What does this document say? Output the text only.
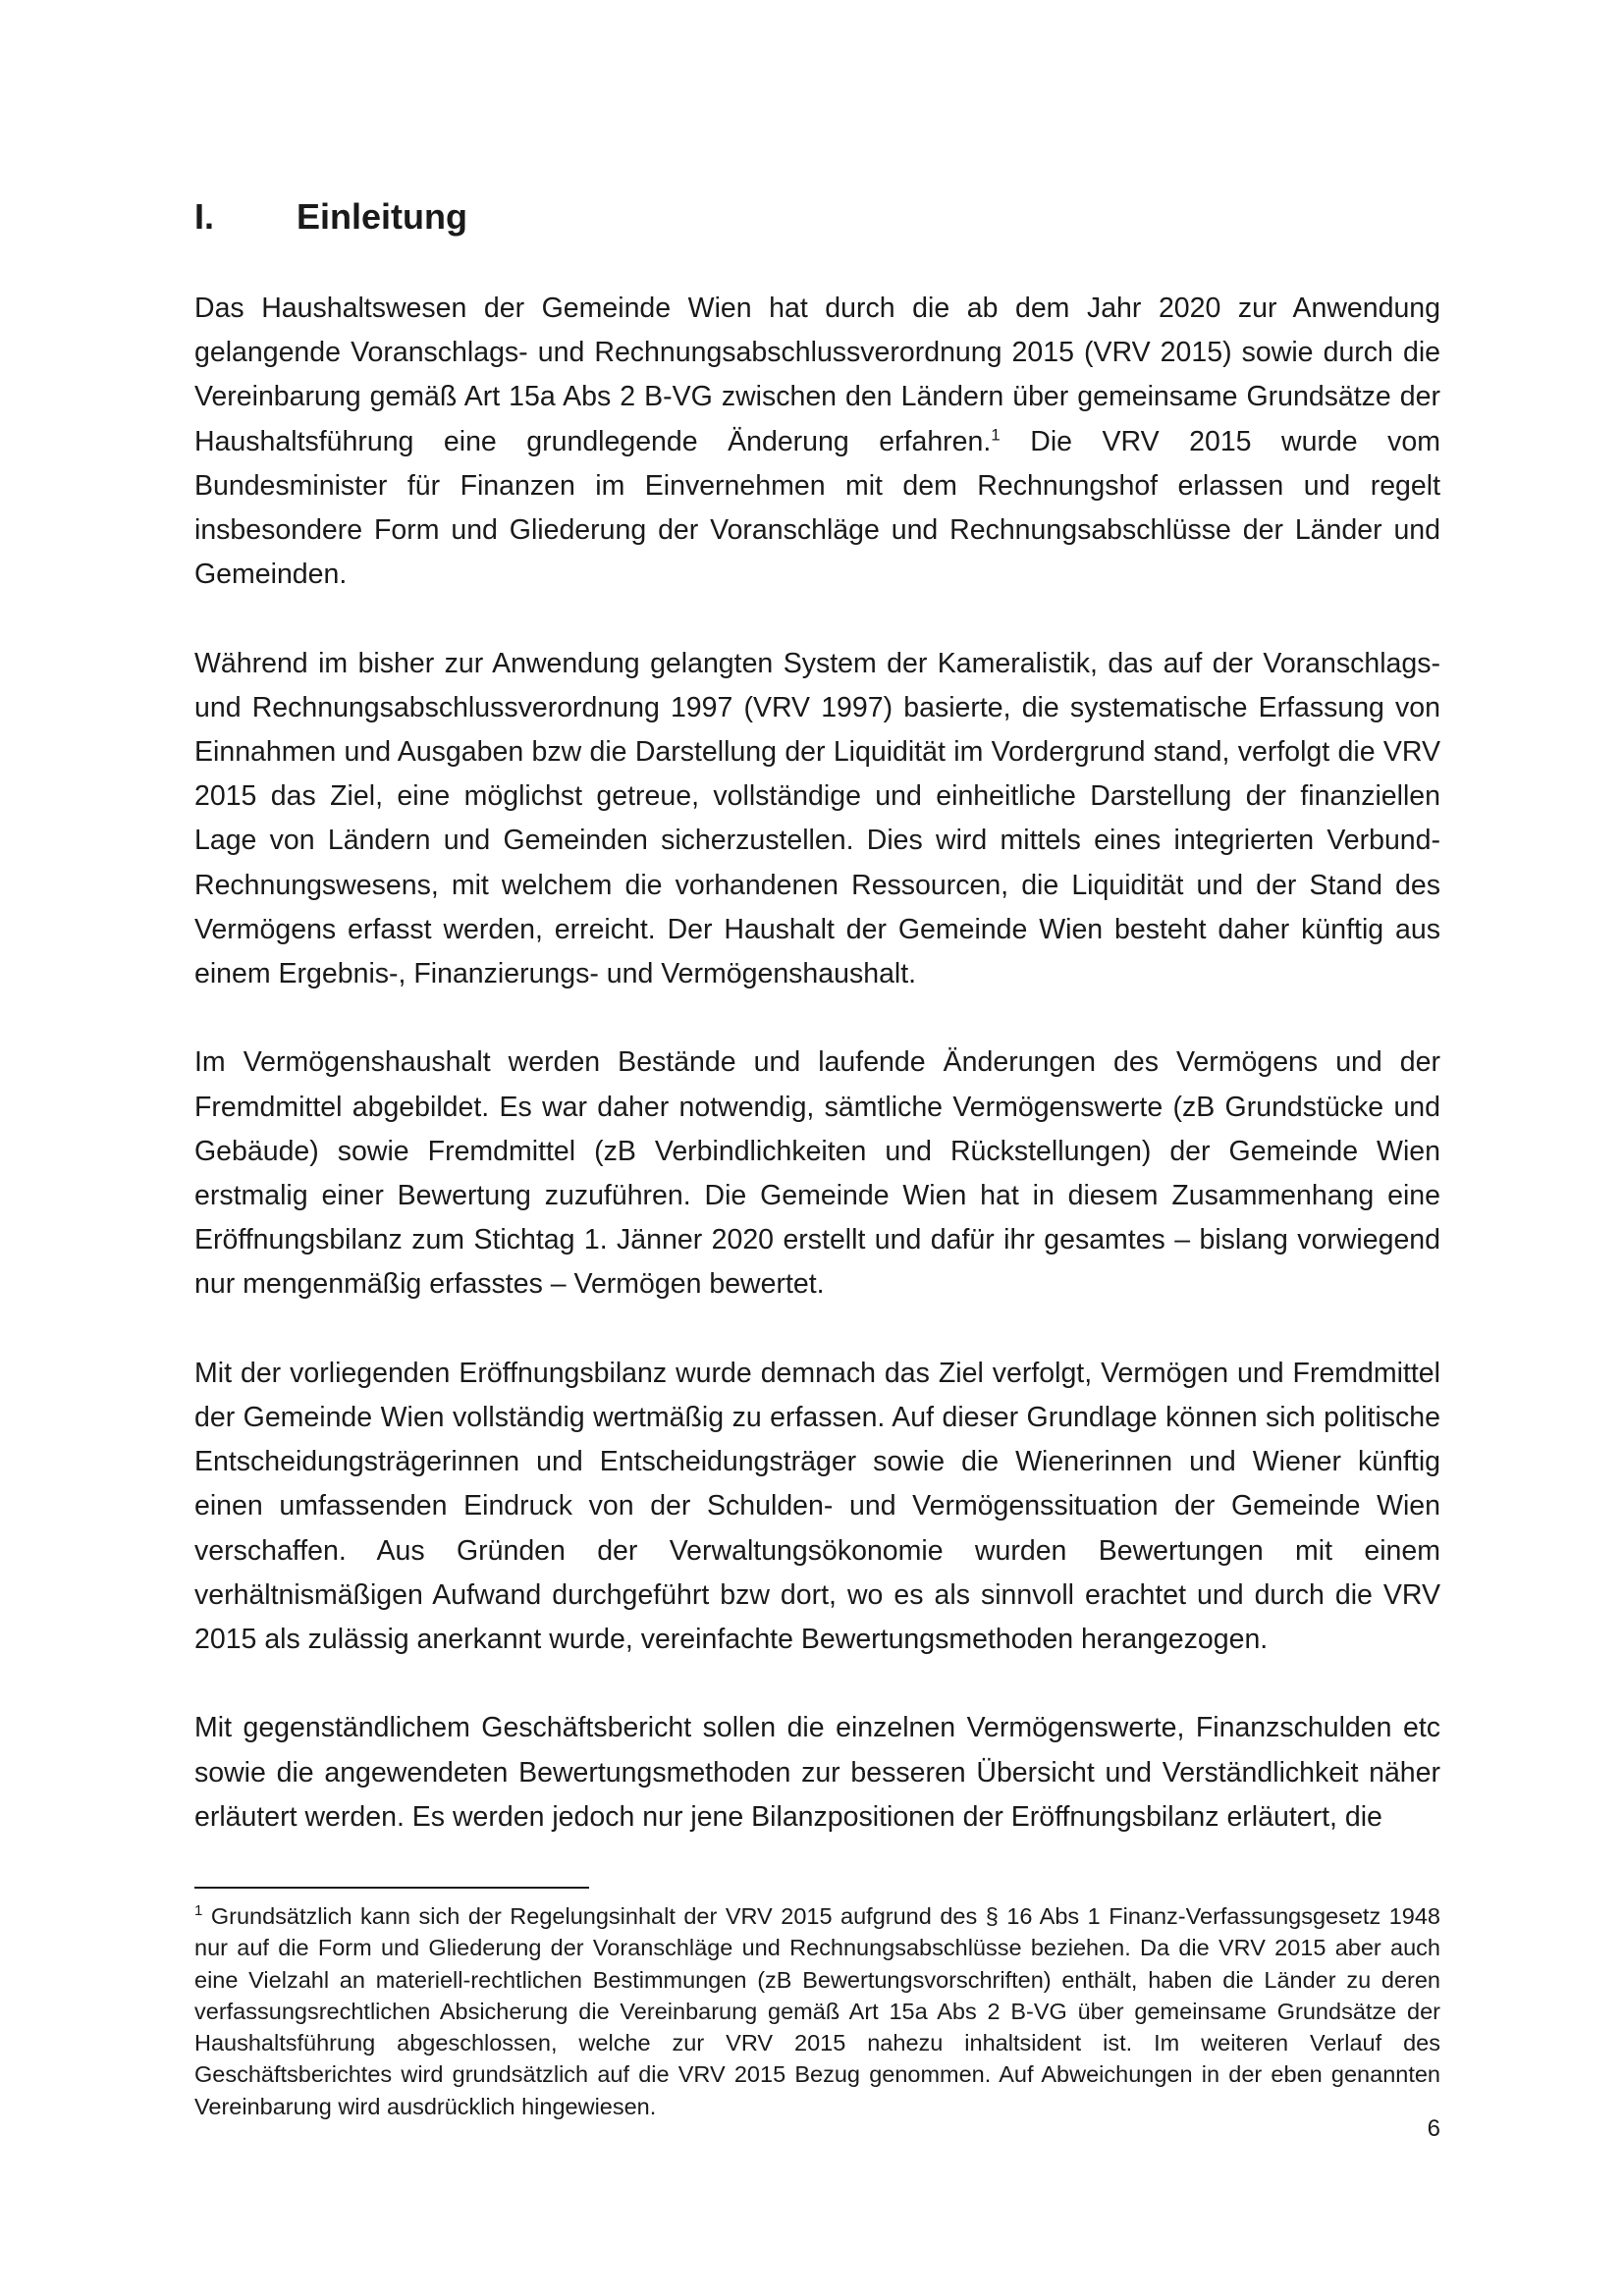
I.	Einleitung

Das Haushaltswesen der Gemeinde Wien hat durch die ab dem Jahr 2020 zur Anwendung gelangende Voranschlags- und Rechnungsabschlussverordnung 2015 (VRV 2015) sowie durch die Vereinbarung gemäß Art 15a Abs 2 B-VG zwischen den Ländern über gemeinsame Grundsätze der Haushaltsführung eine grundlegende Änderung erfahren.$^1$ Die VRV 2015 wurde vom Bundesminister für Finanzen im Einvernehmen mit dem Rechnungshof erlassen und regelt insbesondere Form und Gliederung der Voranschläge und Rechnungsabschlüsse der Länder und Gemeinden.

Während im bisher zur Anwendung gelangten System der Kameralistik, das auf der Voranschlags- und Rechnungsabschlussverordnung 1997 (VRV 1997) basierte, die systematische Erfassung von Einnahmen und Ausgaben bzw die Darstellung der Liquidität im Vordergrund stand, verfolgt die VRV 2015 das Ziel, eine möglichst getreue, vollständige und einheitliche Darstellung der finanziellen Lage von Ländern und Gemeinden sicherzustellen. Dies wird mittels eines integrierten Verbund-Rechnungswesens, mit welchem die vorhandenen Ressourcen, die Liquidität und der Stand des Vermögens erfasst werden, erreicht. Der Haushalt der Gemeinde Wien besteht daher künftig aus einem Ergebnis-, Finanzierungs- und Vermögenshaushalt.

Im Vermögenshaushalt werden Bestände und laufende Änderungen des Vermögens und der Fremdmittel abgebildet. Es war daher notwendig, sämtliche Vermögenswerte (zB Grundstücke und Gebäude) sowie Fremdmittel (zB Verbindlichkeiten und Rückstellungen) der Gemeinde Wien erstmalig einer Bewertung zuzuführen. Die Gemeinde Wien hat in diesem Zusammenhang eine Eröffnungsbilanz zum Stichtag 1. Jänner 2020 erstellt und dafür ihr gesamtes – bislang vorwiegend nur mengenmäßig erfasstes – Vermögen bewertet.

Mit der vorliegenden Eröffnungsbilanz wurde demnach das Ziel verfolgt, Vermögen und Fremdmittel der Gemeinde Wien vollständig wertmäßig zu erfassen. Auf dieser Grundlage können sich politische Entscheidungsträgerinnen und Entscheidungsträger sowie die Wienerinnen und Wiener künftig einen umfassenden Eindruck von der Schulden- und Vermögenssituation der Gemeinde Wien verschaffen. Aus Gründen der Verwaltungsökonomie wurden Bewertungen mit einem verhältnismäßigen Aufwand durchgeführt bzw dort, wo es als sinnvoll erachtet und durch die VRV 2015 als zulässig anerkannt wurde, vereinfachte Bewertungsmethoden herangezogen.

Mit gegenständlichem Geschäftsbericht sollen die einzelnen Vermögenswerte, Finanzschulden etc sowie die angewendeten Bewertungsmethoden zur besseren Übersicht und Verständlichkeit näher erläutert werden. Es werden jedoch nur jene Bilanzpositionen der Eröffnungsbilanz erläutert, die

$^1$ Grundsätzlich kann sich der Regelungsinhalt der VRV 2015 aufgrund des § 16 Abs 1 Finanz-Verfassungsgesetz 1948 nur auf die Form und Gliederung der Voranschläge und Rechnungsabschlüsse beziehen. Da die VRV 2015 aber auch eine Vielzahl an materiell-rechtlichen Bestimmungen (zB Bewertungsvorschriften) enthält, haben die Länder zu deren verfassungsrechtlichen Absicherung die Vereinbarung gemäß Art 15a Abs 2 B-VG über gemeinsame Grundsätze der Haushaltsführung abgeschlossen, welche zur VRV 2015 nahezu inhaltsident ist. Im weiteren Verlauf des Geschäftsberichtes wird grundsätzlich auf die VRV 2015 Bezug genommen. Auf Abweichungen in der eben genannten Vereinbarung wird ausdrücklich hingewiesen.
6
